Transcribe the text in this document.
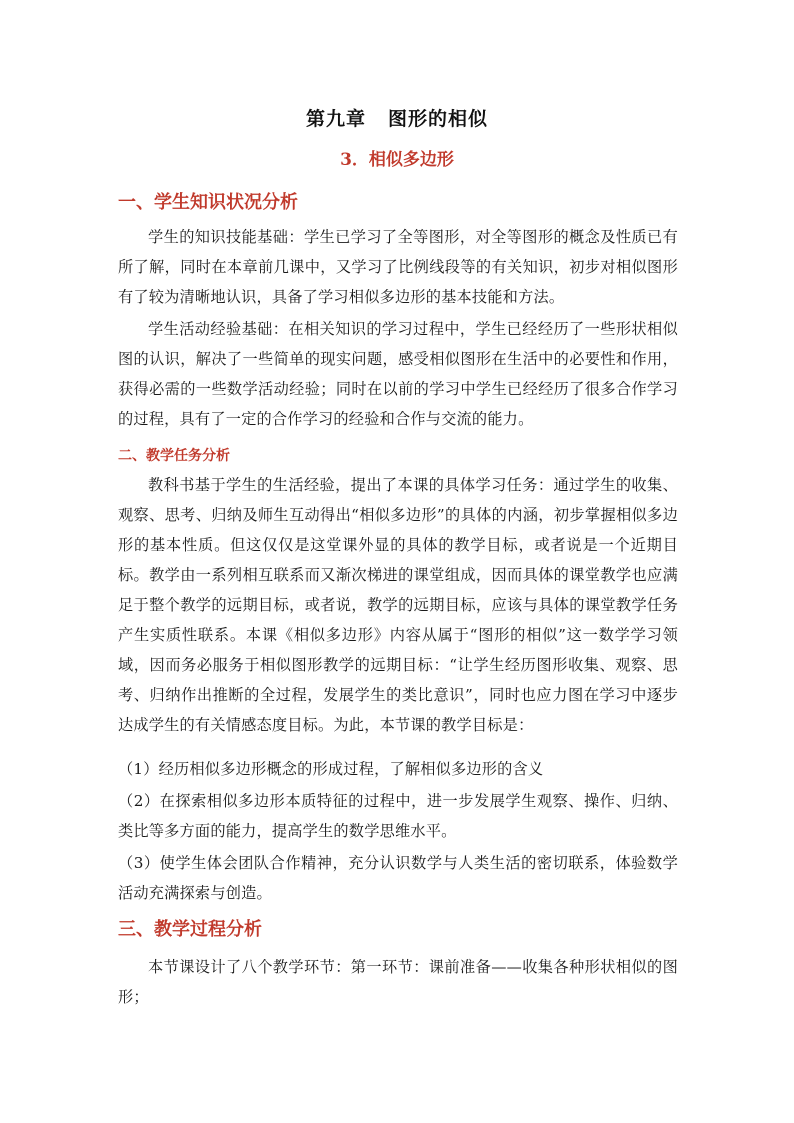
第九章 图形的相似
3．相似多边形
一、学生知识状况分析

学生的知识技能基础：学生已学习了全等图形，对全等图形的概念及性质已有所了解，同时在本章前几课中，又学习了比例线段等的有关知识，初步对相似图形有了较为清晰地认识，具备了学习相似多边形的基本技能和方法。

学生活动经验基础：在相关知识的学习过程中，学生已经经历了一些形状相似图的认识，解决了一些简单的现实问题，感受相似图形在生活中的必要性和作用，获得必需的一些数学活动经验；同时在以前的学习中学生已经经历了很多合作学习的过程，具有了一定的合作学习的经验和合作与交流的能力。

二、教学任务分析

教科书基于学生的生活经验，提出了本课的具体学习任务：通过学生的收集、观察、思考、归纳及师生互动得出“相似多边形”的具体的内涵，初步掌握相似多边形的基本性质。但这仅仅是这堂课外显的具体的教学目标，或者说是一个近期目标。教学由一系列相互联系而又渐次梯进的课堂组成，因而具体的课堂教学也应满足于整个教学的远期目标，或者说，教学的远期目标，应该与具体的课堂教学任务产生实质性联系。本课《相似多边形》内容从属于“图形的相似”这一数学学习领域，因而务必服务于相似图形教学的远期目标：“让学生经历图形收集、观察、思考、归纳作出推断的全过程，发展学生的类比意识”，同时也应力图在学习中逐步达成学生的有关情感态度目标。为此，本节课的教学目标是：

（1）经历相似多边形概念的形成过程，了解相似多边形的含义

（2）在探索相似多边形本质特征的过程中，进一步发展学生观察、操作、归纳、类比等多方面的能力，提高学生的数学思维水平。

（3）使学生体会团队合作精神，充分认识数学与人类生活的密切联系，体验数学活动充满探索与创造。

三、教学过程分析

本节课设计了八个教学环节：第一环节：课前准备——收集各种形状相似的图形；
